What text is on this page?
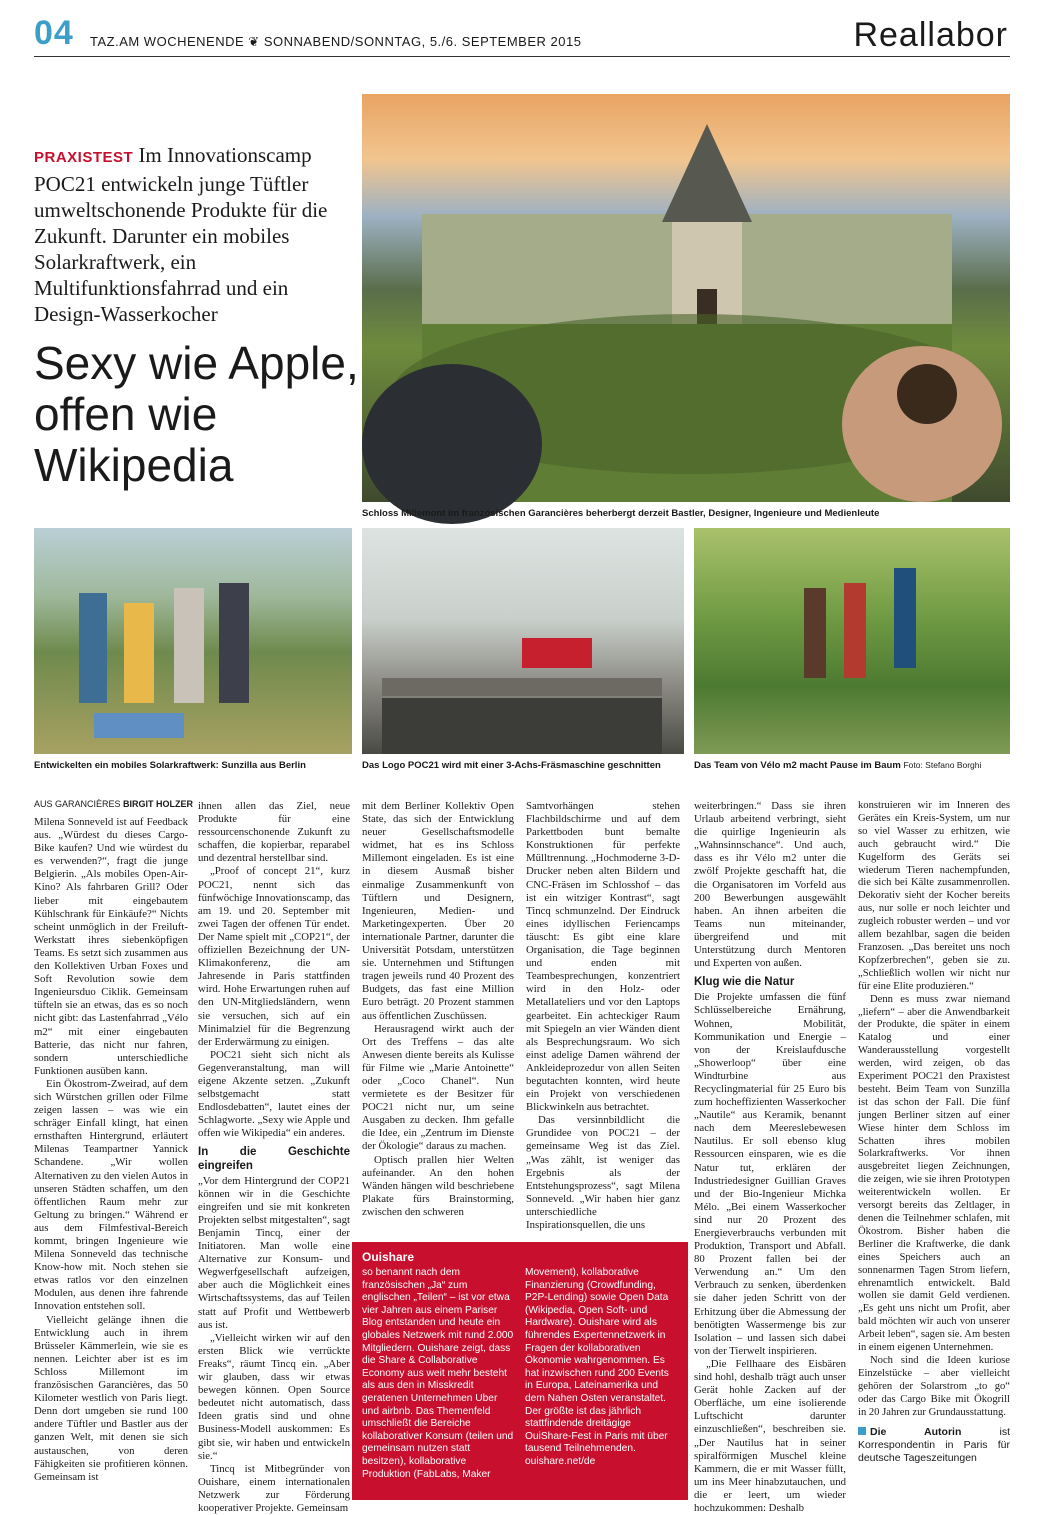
04 TAZ.AM WOCHENENDE ❦ SONNABEND/SONNTAG, 5./6. SEPTEMBER 2015	Reallabor
PRAXISTEST Im Innovationscamp POC21 entwickeln junge Tüftler umweltschonende Produkte für die Zukunft. Darunter ein mobiles Solarkraftwerk, ein Multifunktionsfahrrad und ein Design-Wasserkocher
Sexy wie Apple, offen wie Wikipedia
Schloss Millemont im französischen Garancières beherbergt derzeit Bastler, Designer, Ingenieure und Medienleute
Entwickelten ein mobiles Solarkraftwerk: Sunzilla aus Berlin	Das Logo POC21 wird mit einer 3-Achs-Fräsmaschine geschnitten	Das Team von Vélo m2 macht Pause im Baum Foto: Stefano Borghi
AUS GARANCIÈRES BIRGIT HOLZER

Milena Sonneveld ist auf Feedback aus. „Würdest du dieses Cargo-Bike kaufen? Und wie würdest du es verwenden?“, fragt die junge Belgierin. „Als mobiles Open-Air-Kino? Als fahrbaren Grill? Oder lieber mit eingebautem Kühlschrank für Einkäufe?“ Nichts scheint unmöglich in der Freiluft-Werkstatt ihres siebenköpfigen Teams. Es setzt sich zusammen aus den Kollektiven Urban Foxes und Soft Revolution sowie dem Ingenieursduo Ciklik. Gemeinsam tüfteln sie an etwas, das es so noch nicht gibt: das Lastenfahrrad „Vélo m2“ mit einer eingebauten Batterie, das nicht nur fahren, sondern unterschiedliche Funktionen ausüben kann.

Ein Ökostrom-Zweirad, auf dem sich Würstchen grillen oder Filme zeigen lassen – was wie ein schräger Einfall klingt, hat einen ernsthaften Hintergrund, erläutert Milenas Teampartner Yannick Schandene. „Wir wollen Alternativen zu den vielen Autos in unseren Städten schaffen, um den öffentlichen Raum mehr zur Geltung zu bringen.“ Während er aus dem Filmfestival-Bereich kommt, bringen Ingenieure wie Milena Sonneveld das technische Know-how mit. Noch stehen sie etwas ratlos vor den einzelnen Modulen, aus denen ihre fahrende Innovation entstehen soll.

Vielleicht gelänge ihnen die Entwicklung auch in ihrem Brüsseler Kämmerlein, wie sie es nennen. Leichter aber ist es im Schloss Millemont im französischen Garancières, das 50 Kilometer westlich von Paris liegt. Denn dort umgeben sie rund 100 andere Tüftler und Bastler aus der ganzen Welt, mit denen sie sich austauschen, von deren Fähigkeiten sie profitieren können. Gemeinsam ist

ihnen allen das Ziel, neue Produkte für eine ressourcenschonende Zukunft zu schaffen, die kopierbar, reparabel und dezentral herstellbar sind.

„Proof of concept 21“, kurz POC21, nennt sich das fünfwöchige Innovationscamp, das am 19. und 20. September mit zwei Tagen der offenen Tür endet. Der Name spielt mit „COP21“, der offiziellen Bezeichnung der UN-Klimakonferenz, die am Jahresende in Paris stattfinden wird. Hohe Erwartungen ruhen auf den UN-Mitgliedsländern, wenn sie versuchen, sich auf ein Minimalziel für die Begrenzung der Erderwärmung zu einigen.

POC21 sieht sich nicht als Gegenveranstaltung, man will eigene Akzente setzen. „Zukunft selbstgemacht statt Endlosdebatten“, lautet eines der Schlagworte. „Sexy wie Apple und offen wie Wikipedia“ ein anderes.

In die Geschichte eingreifen

„Vor dem Hintergrund der COP21 können wir in die Geschichte eingreifen und sie mit konkreten Projekten selbst mitgestalten“, sagt Benjamin Tincq, einer der Initiatoren. Man wolle eine Alternative zur Konsum- und Wegwerfgesellschaft aufzeigen, aber auch die Möglichkeit eines Wirtschaftssystems, das auf Teilen statt auf Profit und Wettbewerb aus ist.

„Vielleicht wirken wir auf den ersten Blick wie verrückte Freaks“, räumt Tincq ein. „Aber wir glauben, dass wir etwas bewegen können. Open Source bedeutet nicht automatisch, dass Ideen gratis sind und ohne Business-Modell auskommen: Es gibt sie, wir haben und entwickeln sie.“

Tincq ist Mitbegründer von Ouishare, einem internationalen Netzwerk zur Förderung kooperativer Projekte. Gemeinsam

mit dem Berliner Kollektiv Open State, das sich der Entwicklung neuer Gesellschaftsmodelle widmet, hat es ins Schloss Millemont eingeladen. Es ist eine in diesem Ausmaß bisher einmalige Zusammenkunft von Tüftlern und Designern, Ingenieuren, Medien- und Marketingexperten. Über 20 internationale Partner, darunter die Universität Potsdam, unterstützen sie. Unternehmen und Stiftungen tragen jeweils rund 40 Prozent des Budgets, das fast eine Million Euro beträgt. 20 Prozent stammen aus öffentlichen Zuschüssen.

Herausragend wirkt auch der Ort des Treffens – das alte Anwesen diente bereits als Kulisse für Filme wie „Marie Antoinette“ oder „Coco Chanel“. Nun vermietete es der Besitzer für POC21 nicht nur, um seine Ausgaben zu decken. Ihm gefalle die Idee, ein „Zentrum im Dienste der Ökologie“ daraus zu machen.

Optisch prallen hier Welten aufeinander. An den hohen Wänden hängen wild beschriebene Plakate fürs Brainstorming, zwischen den schweren

Samtvorhängen stehen Flachbildschirme und auf dem Parkettboden bunt bemalte Konstruktionen für perfekte Mülltrennung. „Hochmoderne 3-D-Drucker neben alten Bildern und CNC-Fräsen im Schlosshof – das ist ein witziger Kontrast“, sagt Tincq schmunzelnd. Der Eindruck eines idyllischen Feriencamps täuscht: Es gibt eine klare Organisation, die Tage beginnen und enden mit Teambesprechungen, konzentriert wird in den Holz- oder Metallateliers und vor den Laptops gearbeitet. Ein achteckiger Raum mit Spiegeln an vier Wänden dient als Besprechungsraum. Wo sich einst adelige Damen während der Ankleideprozedur von allen Seiten begutachten konnten, wird heute ein Projekt von verschiedenen Blickwinkeln aus betrachtet.

Das versinnbildlicht die Grundidee von POC21 – der gemeinsame Weg ist das Ziel. „Was zählt, ist weniger das Ergebnis als der Entstehungsprozess“, sagt Milena Sonneveld. „Wir haben hier ganz unterschiedliche Inspirationsquellen, die uns

weiterbringen.“ Dass sie ihren Urlaub arbeitend verbringt, sieht die quirlige Ingenieurin als „Wahnsinnschance“. Und auch, dass es ihr Vélo m2 unter die zwölf Projekte geschafft hat, die die Organisatoren im Vorfeld aus 200 Bewerbungen ausgewählt haben. An ihnen arbeiten die Teams nun miteinander, übergreifend und mit Unterstützung durch Mentoren und Experten von außen.

Klug wie die Natur

Die Projekte umfassen die fünf Schlüsselbereiche Ernährung, Wohnen, Mobilität, Kommunikation und Energie – von der Kreislaufdusche „Showerloop“ über eine Windturbine aus Recyclingmaterial für 25 Euro bis zum hocheffizienten Wasserkocher „Nautile“ aus Keramik, benannt nach dem Meereslebewesen Nautilus. Er soll ebenso klug Ressourcen einsparen, wie es die Natur tut, erklären der Industriedesigner Guillian Graves und der Bio-Ingenieur Michka Mélo. „Bei einem Wasserkocher sind nur 20 Prozent des Energieverbrauchs verbunden mit Produktion, Transport und Abfall. 80 Prozent fallen bei der Verwendung an.“ Um den Verbrauch zu senken, überdenken sie daher jeden Schritt von der Erhitzung über die Abmessung der benötigten Wassermenge bis zur Isolation – und lassen sich dabei von der Tierwelt inspirieren.

„Die Fellhaare des Eisbären sind hohl, deshalb trägt auch unser Gerät hohle Zacken auf der Oberfläche, um eine isolierende Luftschicht darunter einzuschließen“, beschreiben sie. „Der Nautilus hat in seiner spiralförmigen Muschel kleine Kammern, die er mit Wasser füllt, um ins Meer hinabzutauchen, und die er leert, um wieder hochzukommen: Deshalb

konstruieren wir im Inneren des Gerätes ein Kreis-System, um nur so viel Wasser zu erhitzen, wie auch gebraucht wird.“ Die Kugelform des Geräts sei wiederum Tieren nachempfunden, die sich bei Kälte zusammenrollen. Dekorativ sieht der Kocher bereits aus, nur solle er noch leichter und zugleich robuster werden – und vor allem bezahlbar, sagen die beiden Franzosen. „Das bereitet uns noch Kopfzerbrechen“, geben sie zu. „Schließlich wollen wir nicht nur für eine Elite produzieren.“

Denn es muss zwar niemand „liefern“ – aber die Anwendbarkeit der Produkte, die später in einem Katalog und einer Wanderausstellung vorgestellt werden, wird zeigen, ob das Experiment POC21 den Praxistest besteht. Beim Team von Sunzilla ist das schon der Fall. Die fünf jungen Berliner sitzen auf einer Wiese hinter dem Schloss im Schatten ihres mobilen Solarkraftwerks. Vor ihnen ausgebreitet liegen Zeichnungen, die zeigen, wie sie ihren Prototypen weiterentwickeln wollen. Er versorgt bereits das Zeltlager, in denen die Teilnehmer schlafen, mit Ökostrom. Bisher haben die Berliner die Kraftwerke, die dank eines Speichers auch an sonnenarmen Tagen Strom liefern, ehrenamtlich entwickelt. Bald wollen sie damit Geld verdienen. „Es geht uns nicht um Profit, aber bald möchten wir auch von unserer Arbeit leben“, sagen sie. Am besten in einem eigenen Unternehmen.

Noch sind die Ideen kuriose Einzelstücke – aber vielleicht gehören der Solarstrom „to go“ oder das Cargo Bike mit Ökogrill in 20 Jahren zur Grundausstattung.

Die Autorin	ist Korrespondentin in Paris für deutsche Tageszeitungen
Ouishare
so benannt nach dem französischen „Ja“ zum englischen „Teilen“ – ist vor etwa vier Jahren aus einem Pariser Blog entstanden und heute ein globales Netzwerk mit rund 2.000 Mitgliedern. Ouishare zeigt, dass die Share & Collaborative Economy aus weit mehr besteht als aus den in Misskredit geratenen Unternehmen Uber und airbnb. Das Themenfeld umschließt die Bereiche kollaborativer Konsum (teilen und gemeinsam nutzen statt besitzen), kollaborative Produktion (FabLabs, Maker
Movement), kollaborative Finanzierung (Crowdfunding, P2P-Lending) sowie Open Data (Wikipedia, Open Soft- und Hardware). Ouishare wird als führendes Expertennetzwerk in Fragen der kollaborativen Ökonomie wahrgenommen. Es hat inzwischen rund 200 Events in Europa, Lateinamerika und dem Nahen Osten veranstaltet. Der größte ist das jährlich stattfindende dreitägige OuiShare-Fest in Paris mit über tausend Teilnehmenden.
ouishare.net/de
